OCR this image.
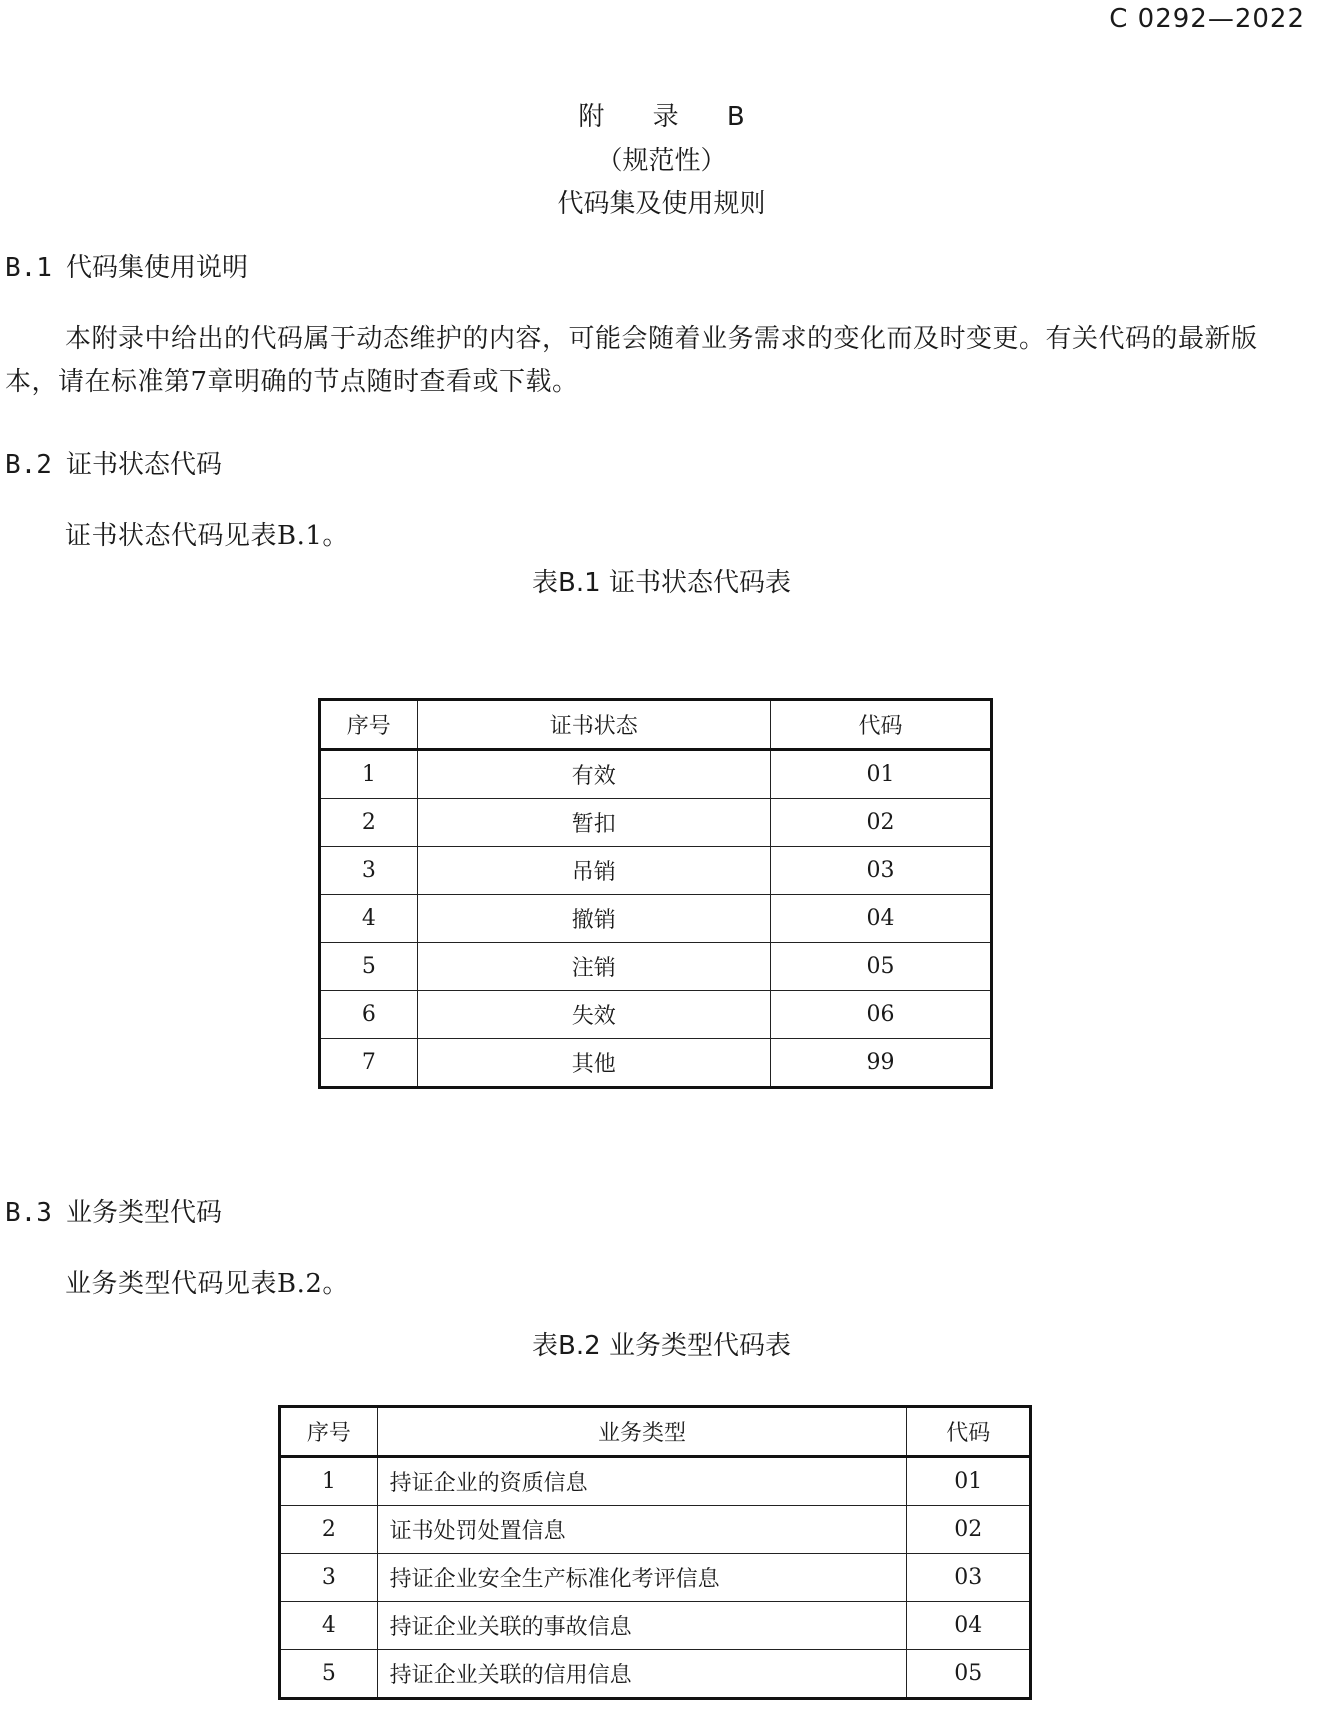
C 0292—2022
附 录 B
（规范性）
代码集及使用规则
B.1 代码集使用说明
本附录中给出的代码属于动态维护的内容，可能会随着业务需求的变化而及时变更。有关代码的最新版本，请在标准第7章明确的节点随时查看或下载。
B.2 证书状态代码
证书状态代码见表B.1。
表B.1 证书状态代码表
序号	证书状态	代码
1	有效	01
2	暂扣	02
3	吊销	03
4	撤销	04
5	注销	05
6	失效	06
7	其他	99
B.3 业务类型代码
业务类型代码见表B.2。
表B.2 业务类型代码表
序号	业务类型	代码
1	持证企业的资质信息	01
2	证书处罚处置信息	02
3	持证企业安全生产标准化考评信息	03
4	持证企业关联的事故信息	04
5	持证企业关联的信用信息	05
